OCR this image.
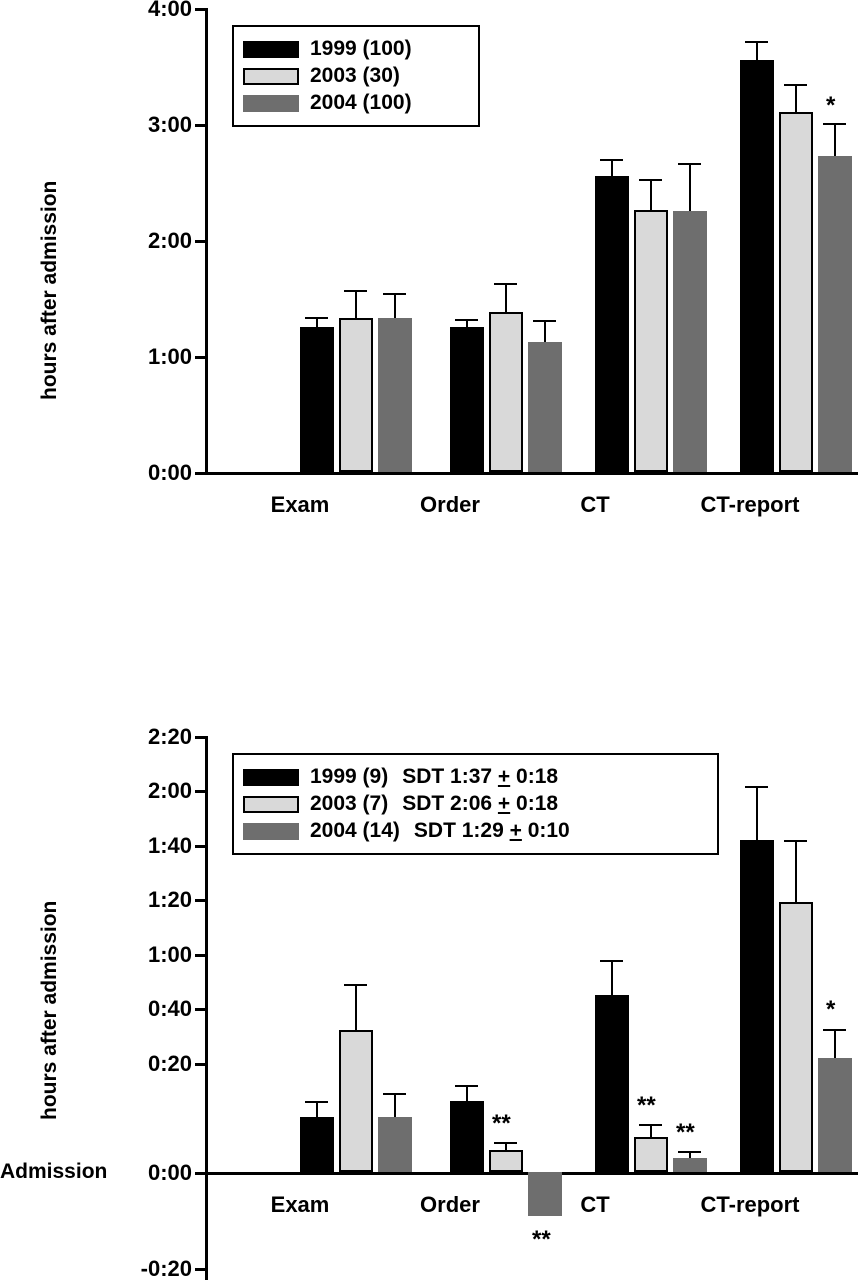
hours after admission
4:00
3:00
2:00
1:00
0:00
1999 (100)
2003 (30)
2004 (100)	*
Exam	Order	CT	CT-report
hours after admission
Admission
2:20
2:00
1:40
1:20
1:00
0:40
0:20
0:00
-0:20
1999 (9) SDT 1:37 + 0:18
2003 (7) SDT 2:06 + 0:18
2004 (14) SDT 1:29 + 0:10
**
**
**
**
*
Exam	Order	CT	CT-report
